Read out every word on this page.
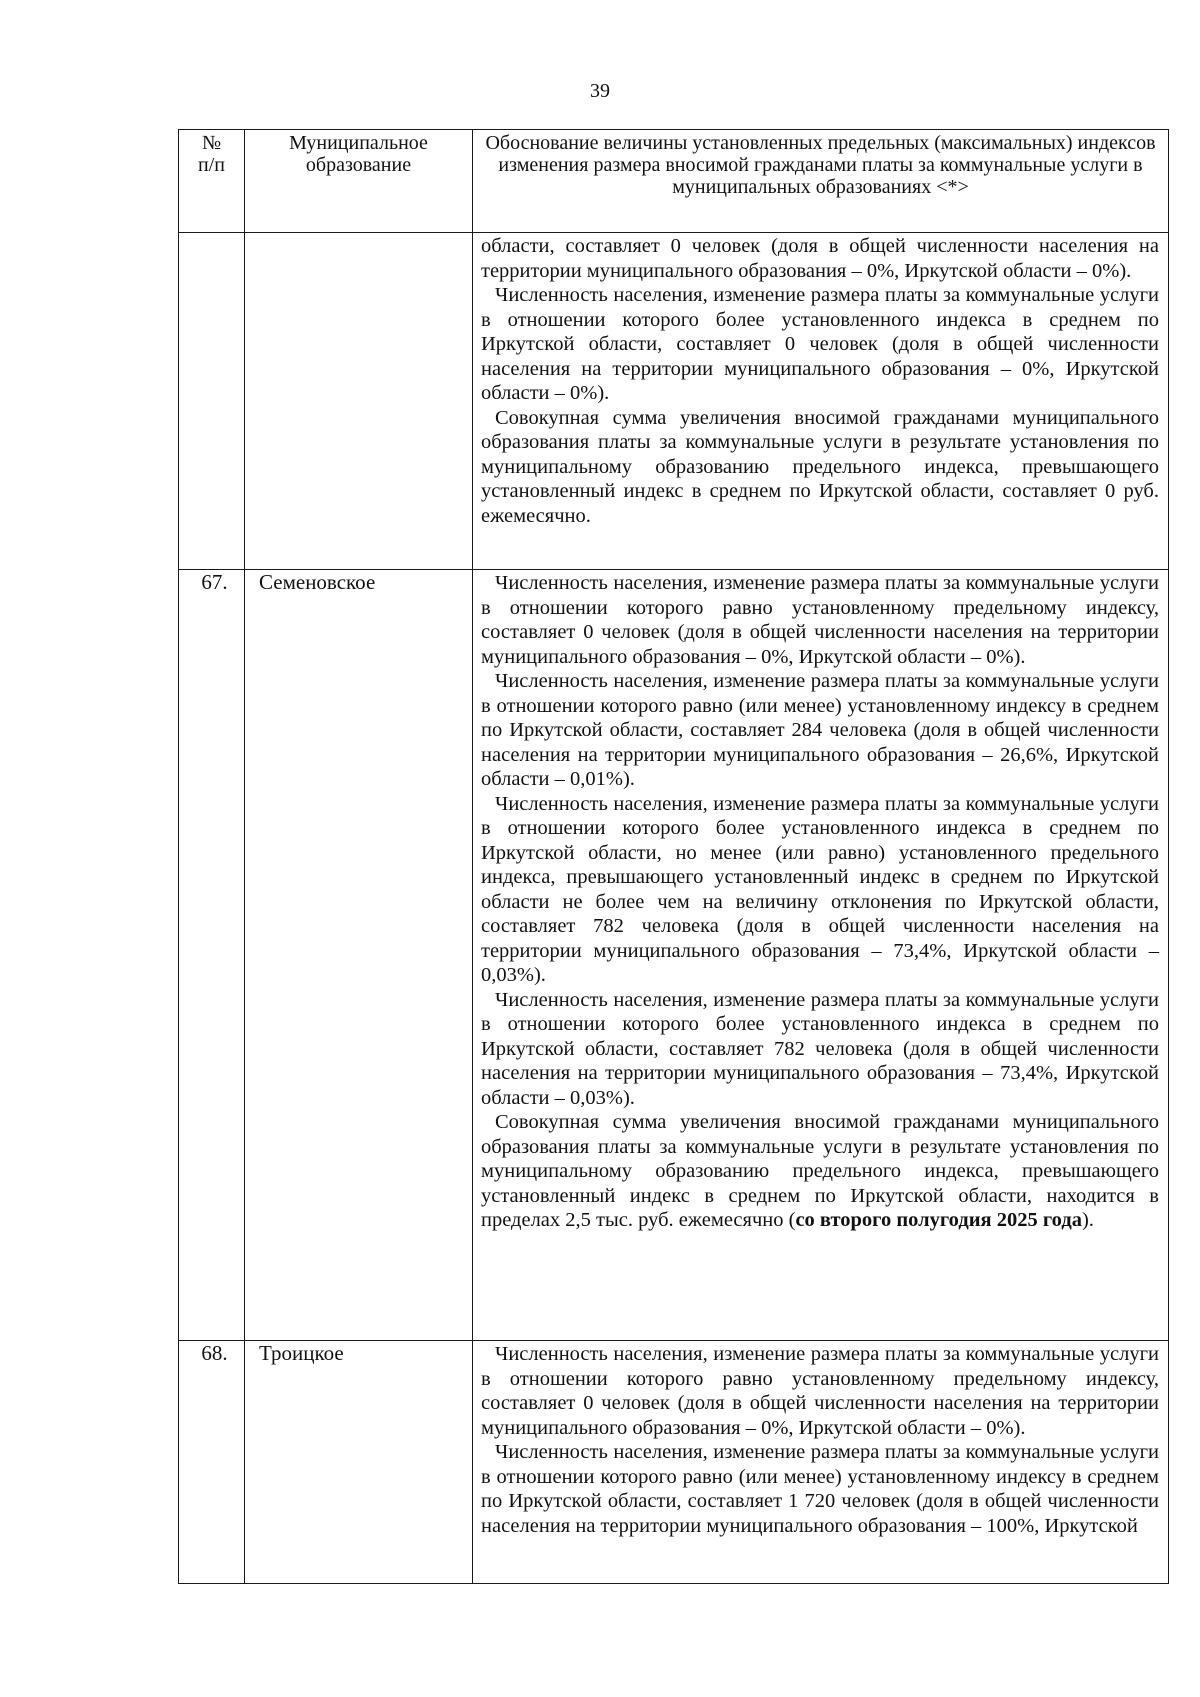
39
№
п/п	Муниципальное образование	Обоснование величины установленных предельных (максимальных) индексов изменения размера вносимой гражданами платы за коммунальные услуги в муниципальных образованиях <*>

		области, составляет 0 человек (доля в общей численности населения на территории муниципального образования – 0%, Иркутской области – 0%).

Численность населения, изменение размера платы за коммунальные услуги в отношении которого более установленного индекса в среднем по Иркутской области, составляет 0 человек (доля в общей численности населения на территории муниципального образования – 0%, Иркутской области – 0%).

Совокупная сумма увеличения вносимой гражданами муниципального образования платы за коммунальные услуги в результате установления по муниципальному образованию предельного индекса, превышающего установленный индекс в среднем по Иркутской области, составляет 0 руб. ежемесячно.

67.	Семеновское	Численность населения, изменение размера платы за коммунальные услуги в отношении которого равно установленному предельному индексу, составляет 0 человек (доля в общей численности населения на территории муниципального образования – 0%, Иркутской области – 0%).

Численность населения, изменение размера платы за коммунальные услуги в отношении которого равно (или менее) установленному индексу в среднем по Иркутской области, составляет 284 человека (доля в общей численности населения на территории муниципального образования – 26,6%, Иркутской области – 0,01%).

Численность населения, изменение размера платы за коммунальные услуги в отношении которого более установленного индекса в среднем по Иркутской области, но менее (или равно) установленного предельного индекса, превышающего установленный индекс в среднем по Иркутской области не более чем на величину отклонения по Иркутской области, составляет 782 человека (доля в общей численности населения на территории муниципального образования – 73,4%, Иркутской области – 0,03%).

Численность населения, изменение размера платы за коммунальные услуги в отношении которого более установленного индекса в среднем по Иркутской области, составляет 782 человека (доля в общей численности населения на территории муниципального образования – 73,4%, Иркутской области – 0,03%).

Совокупная сумма увеличения вносимой гражданами муниципального образования платы за коммунальные услуги в результате установления по муниципальному образованию предельного индекса, превышающего установленный индекс в среднем по Иркутской области, находится в пределах 2,5 тыс. руб. ежемесячно (со второго полугодия 2025 года).

68.	Троицкое	Численность населения, изменение размера платы за коммунальные услуги в отношении которого равно установленному предельному индексу, составляет 0 человек (доля в общей численности населения на территории муниципального образования – 0%, Иркутской области – 0%).

Численность населения, изменение размера платы за коммунальные услуги в отношении которого равно (или менее) установленному индексу в среднем по Иркутской области, составляет 1 720 человек (доля в общей численности населения на территории муниципального образования – 100%, Иркутской
